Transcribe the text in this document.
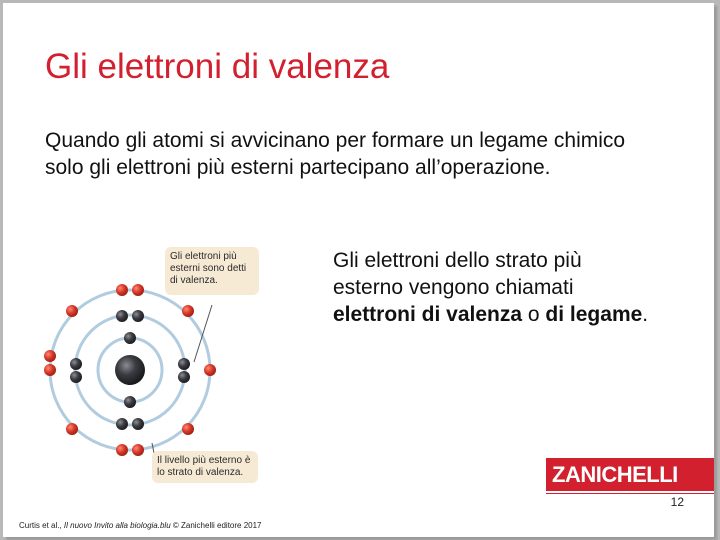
Gli elettroni di valenza

Quando gli atomi si avvicinano per formare un legame chimico solo gli elettroni più esterni partecipano all’operazione.

Gli elettroni dello strato più esterno vengono chiamati elettroni di valenza o di legame.

Gli elettroni più esterni sono detti di valenza.
Il livello più esterno è lo strato di valenza.	ZANICHELLI
12
Curtis et al., Il nuovo Invito alla biologia.blu © Zanichelli editore 2017
